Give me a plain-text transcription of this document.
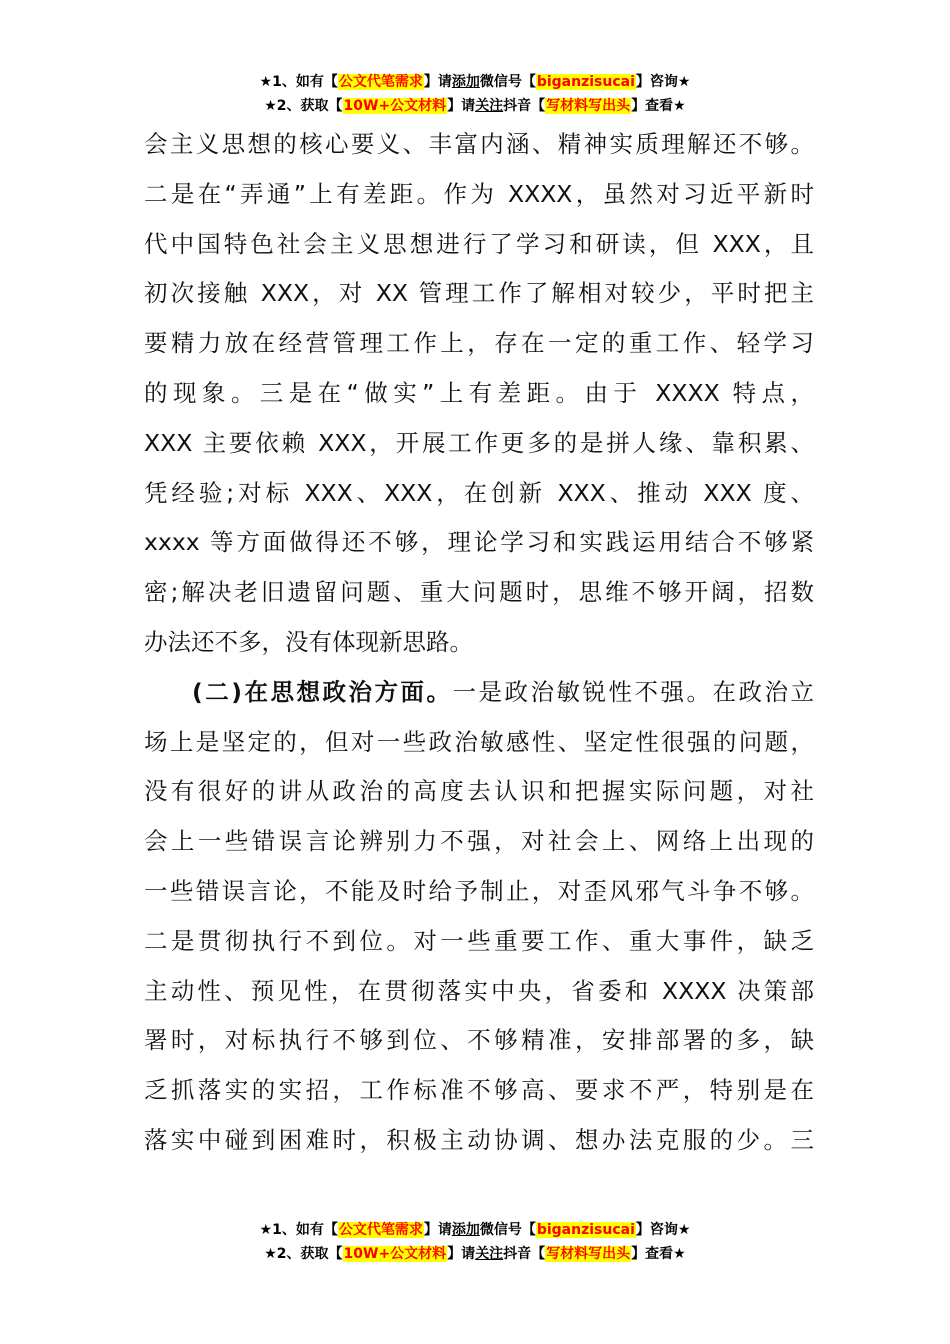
★1、如有【公文代笔需求】请添加微信号【biganzisucai】咨询★
★2、获取【10W+公文材料】请关注抖音【写材料写出头】查看★
会主义思想的核心要义、丰富内涵、精神实质理解还不够。
二是在“弄通”上有差距。作为 XXXX，虽然对习近平新时
代中国特色社会主义思想进行了学习和研读，但 XXX，且
初次接触 XXX，对 XX 管理工作了解相对较少，平时把主
要精力放在经营管理工作上，存在一定的重工作、轻学习
的现象。三是在“做实”上有差距。由于 XXXX 特点，
XXX 主要依赖 XXX，开展工作更多的是拼人缘、靠积累、
凭经验;对标 XXX、XXX，在创新 XXX、推动 XXX 度、
xxxx 等方面做得还不够，理论学习和实践运用结合不够紧
密;解决老旧遗留问题、重大问题时，思维不够开阔，招数
办法还不多，没有体现新思路。
(二)在思想政治方面。一是政治敏锐性不强。在政治立
场上是坚定的，但对一些政治敏感性、坚定性很强的问题，
没有很好的讲从政治的高度去认识和把握实际问题，对社
会上一些错误言论辨别力不强，对社会上、网络上出现的
一些错误言论，不能及时给予制止，对歪风邪气斗争不够。
二是贯彻执行不到位。对一些重要工作、重大事件，缺乏
主动性、预见性，在贯彻落实中央，省委和 XXXX 决策部
署时，对标执行不够到位、不够精准，安排部署的多，缺
乏抓落实的实招，工作标准不够高、要求不严，特别是在
落实中碰到困难时，积极主动协调、想办法克服的少。三
★1、如有【公文代笔需求】请添加微信号【biganzisucai】咨询★
★2、获取【10W+公文材料】请关注抖音【写材料写出头】查看★
